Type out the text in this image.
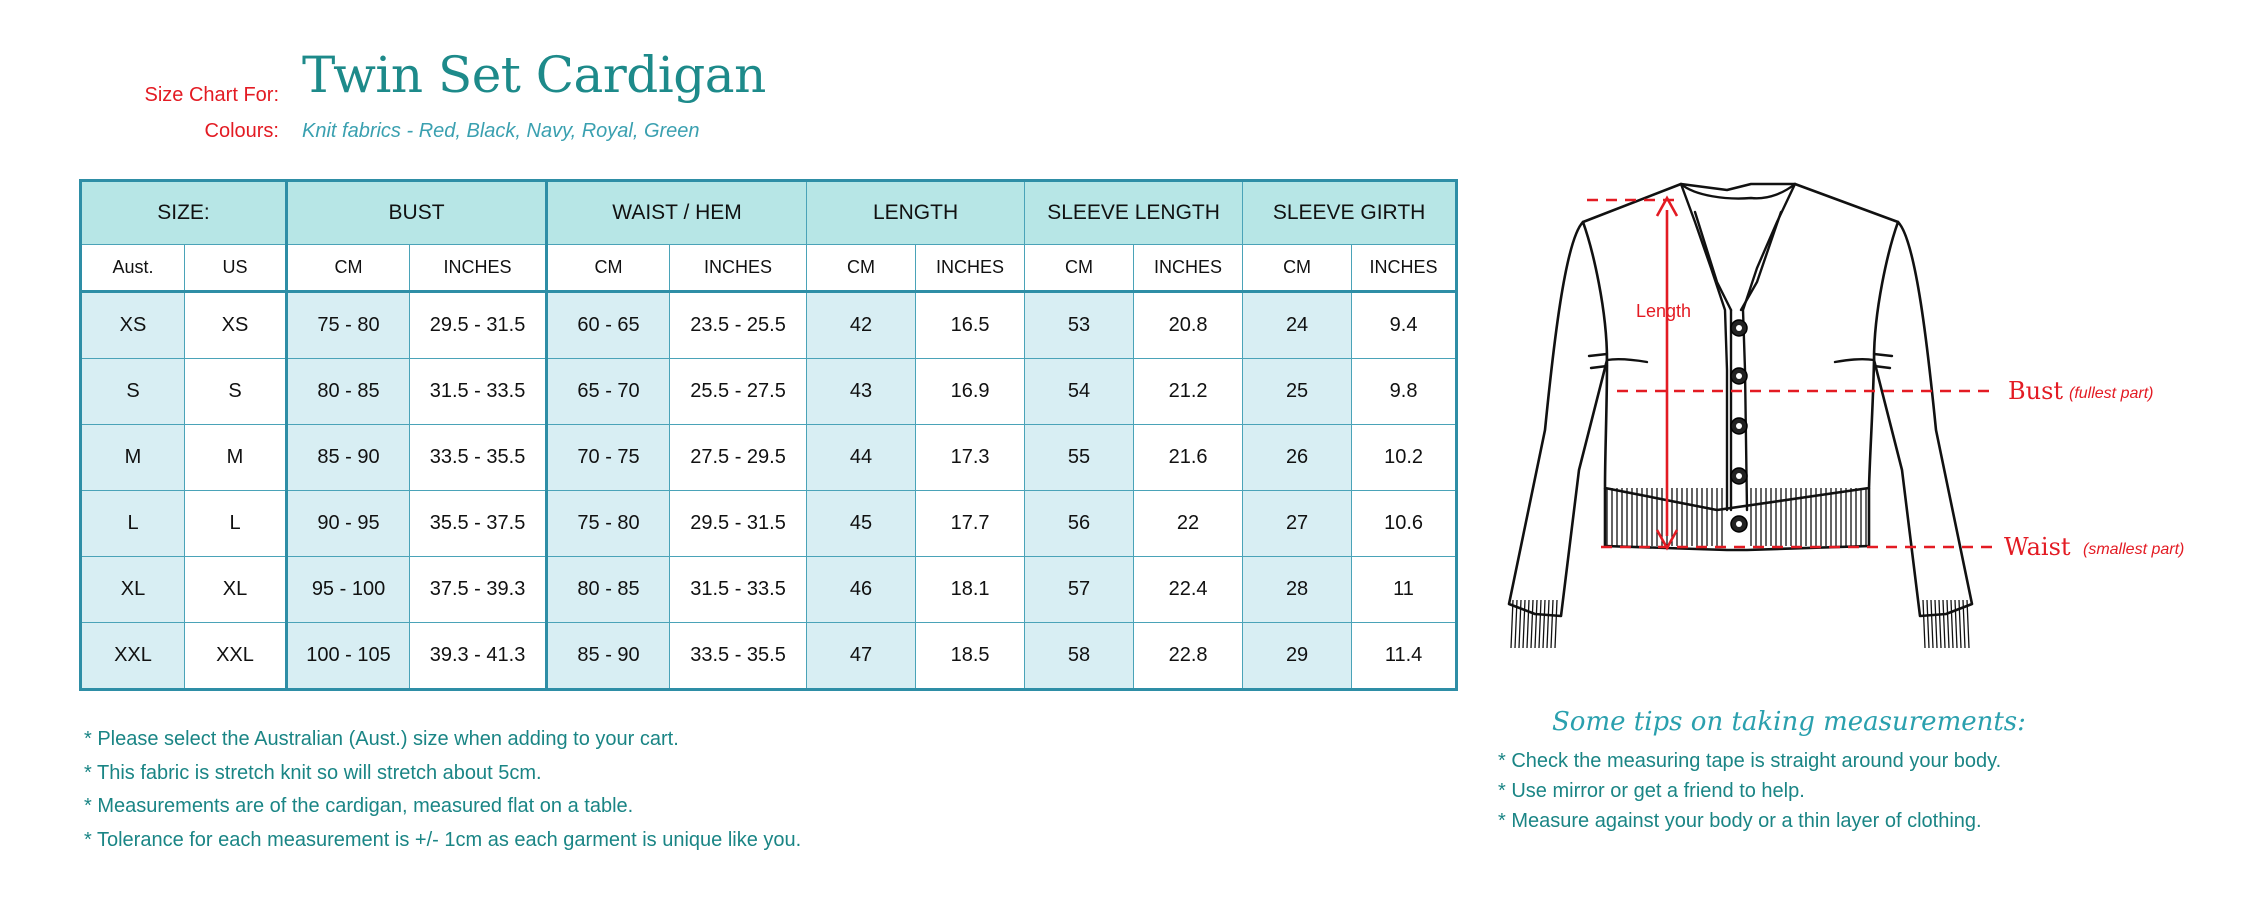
Size Chart For: Twin Set Cardigan
Colours: Knit fabrics - Red, Black, Navy, Royal, Green
SIZE:		BUST		WAIST / HEM		LENGTH		SLEEVE LENGTH		SLEEVE GIRTH	
Aust.	US	CM	INCHES	CM	INCHES	CM	INCHES	CM	INCHES	CM	INCHES
XS	XS	75 - 80	29.5 - 31.5	60 - 65	23.5 - 25.5	42	16.5	53	20.8	24	9.4
S	S	80 - 85	31.5 - 33.5	65 - 70	25.5 - 27.5	43	16.9	54	21.2	25	9.8
M	M	85 - 90	33.5 - 35.5	70 - 75	27.5 - 29.5	44	17.3	55	21.6	26	10.2
L	L	90 - 95	35.5 - 37.5	75 - 80	29.5 - 31.5	45	17.7	56	22	27	10.6
XL	XL	95 - 100	37.5 - 39.3	80 - 85	31.5 - 33.5	46	18.1	57	22.4	28	11
XXL	XXL	100 - 105	39.3 - 41.3	85 - 90	33.5 - 35.5	47	18.5	58	22.8	29	11.4
* Please select the Australian (Aust.) size when adding to your cart.
* This fabric is stretch knit so will stretch about 5cm.
* Measurements are of the cardigan, measured flat on a table.
* Tolerance for each measurement is +/- 1cm as each garment is unique like you.
Some tips on taking measurements:
* Check the measuring tape is straight around your body.
* Use mirror or get a friend to help.
* Measure against your body or a thin layer of clothing.
Length
Bust (fullest part)
Waist (smallest part)
